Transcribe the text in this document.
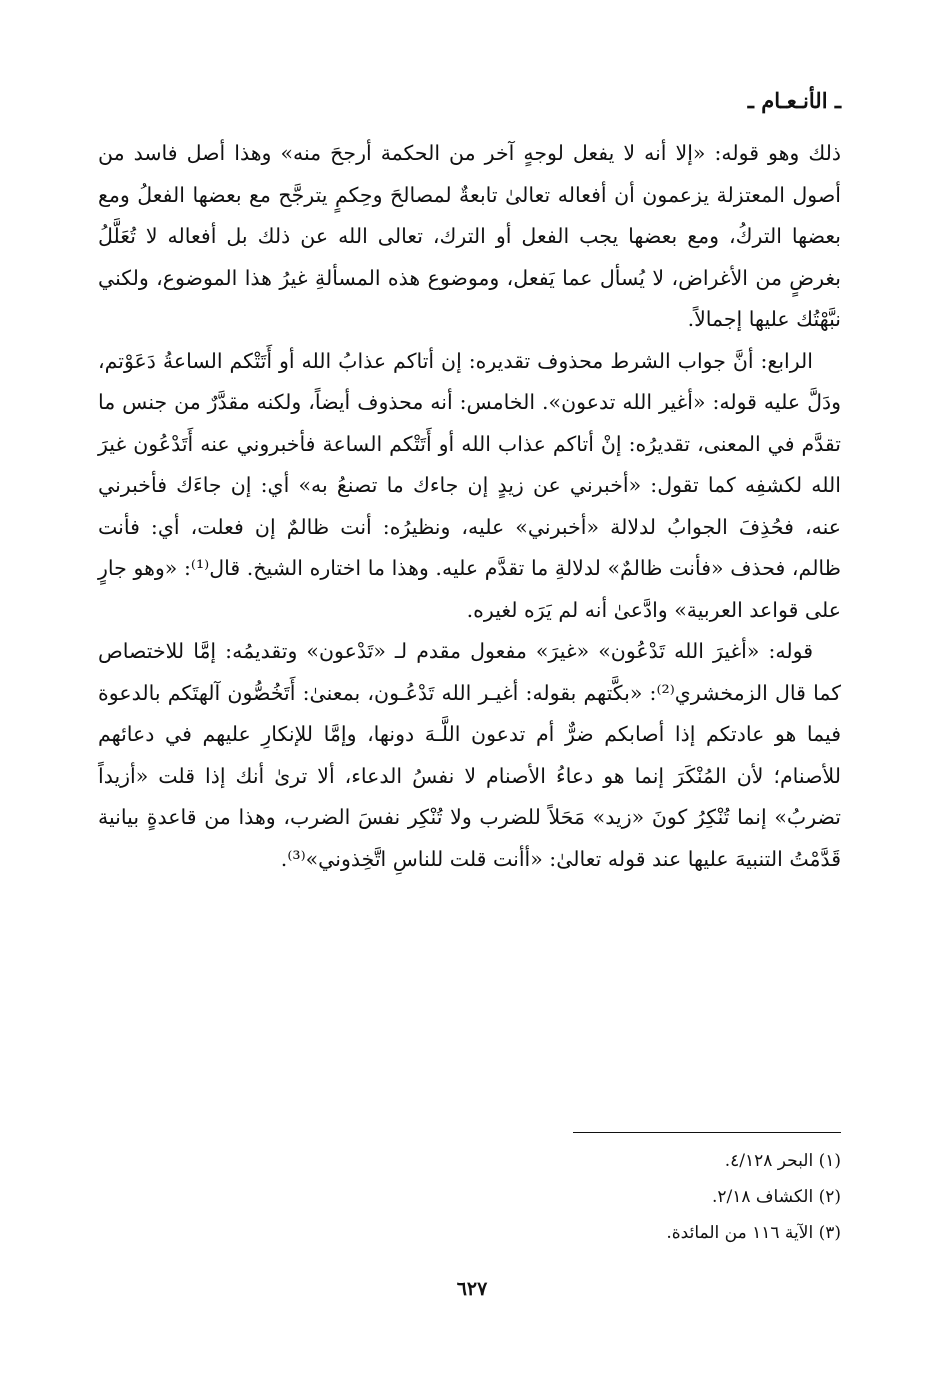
ـ الأنـعـام ـ

ذلك وهو قوله: «إلا أنه لا يفعل لوجهٍ آخر من الحكمة أرجحَ منه» وهذا أصل فاسد من أصول المعتزلة يزعمون أن أفعاله تعالىٰ تابعةٌ لمصالحَ وحِكمٍ يترجَّح مع بعضها الفعلُ ومع بعضها التركُ، ومع بعضها يجب الفعل أو الترك، تعالى الله عن ذلك بل أفعاله لا تُعَلَّلُ بغرضٍ من الأغراض، لا يُسأل عما يَفعل، وموضوع هذه المسألةِ غيرُ هذا الموضوع، ولكني نبَّهْتُك عليها إجمالاً.

الرابع: أنَّ جواب الشرط محذوف تقديره: إن أتاكم عذابُ الله أو أَتَتْكم الساعةُ دَعَوْتم، ودَلَّ عليه قوله: «أغير الله تدعون». الخامس: أنه محذوف أيضاً، ولكنه مقدَّرٌ من جنس ما تقدَّم في المعنى، تقديرُه: إنْ أتاكم عذاب الله أو أَتَتْكم الساعة فأخبروني عنه أَتَدْعُون غيرَ الله لكشفِه كما تقول: «أخبرني عن زيدٍ إن جاءك ما تصنعُ به» أي: إن جاءَك فأخبرني عنه، فحُذِفَ الجوابُ لدلالة «أخبرني» عليه، ونظيرُه: أنت ظالمٌ إن فعلت، أي: فأنت ظالم، فحذف «فأنت ظالمٌ» لدلالةِ ما تقدَّم عليه. وهذا ما اختاره الشيخ. قال⁽¹⁾: «وهو جارٍ على قواعد العربية» وادَّعىٰ أنه لم يَرَه لغيره.

قوله: «أغيرَ الله تَدْعُون» «غيرَ» مفعول مقدم لـ «تَدْعون» وتقديمُه: إمَّا للاختصاص كما قال الزمخشري⁽²⁾: «بكَّتهم بقوله: أغيـر الله تَدْعُـون، بمعنىٰ: أَتَخُصُّون آلهتَكم بالدعوة فيما هو عادتكم إذا أصابكم ضرٌّ أم تدعون اللَّـهَ دونها، وإمَّا للإنكارِ عليهم في دعائهم للأصنام؛ لأن المُنْكَرَ إنما هو دعاءُ الأصنام لا نفسُ الدعاء، ألا ترىٰ أنك إذا قلت «أزيداً تضربُ» إنما تُنْكِرُ كونَ «زيد» مَحَلاً للضرب ولا تُنْكِر نفسَ الضرب، وهذا من قاعدةٍ بيانية قَدَّمْتُ التنبيهَ عليها عند قوله تعالىٰ: «أأنت قلت للناسِ اتَّخِذوني»⁽³⁾.

(١) البحر ٤/١٢٨.
(٢) الكشاف ٢/١٨.
(٣) الآية ١١٦ من المائدة.
٦٢٧
